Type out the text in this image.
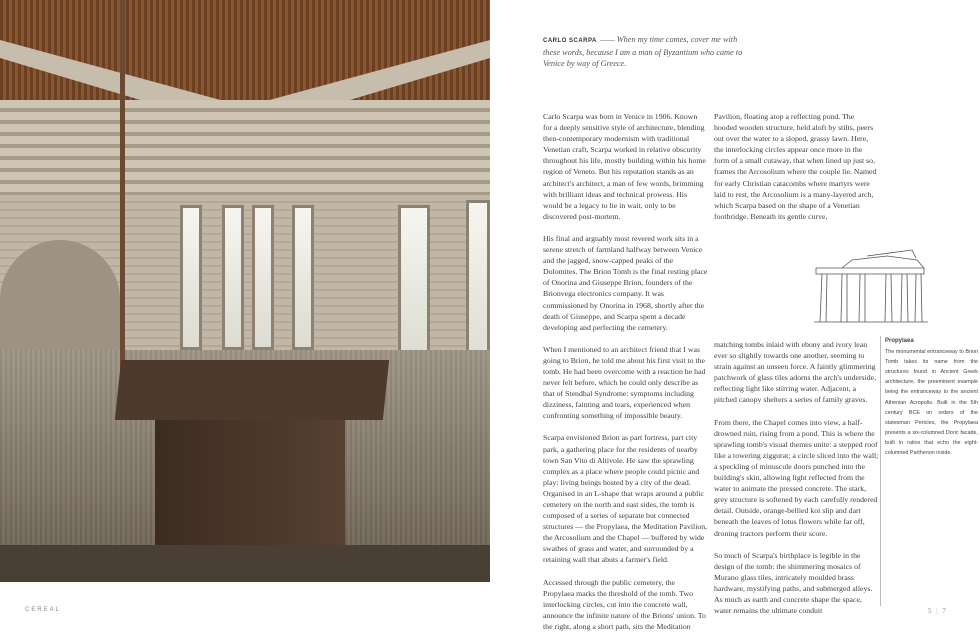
CARLO SCARPA —— When my time comes, cover me with these words, because I am a man of Byzantium who came to Venice by way of Greece.

Carlo Scarpa was born in Venice in 1906. Known for a deeply sensitive style of architecture, blending then-contemporary modernism with traditional Venetian craft, Scarpa worked in relative obscurity throughout his life, mostly building within his home region of Veneto. But his reputation stands as an architect's architect, a man of few words, brimming with brilliant ideas and technical prowess. His would be a legacy to lie in wait, only to be discovered post-mortem.

His final and arguably most revered work sits in a serene stretch of farmland halfway between Venice and the jagged, snow-capped peaks of the Dolomites. The Brion Tomb is the final resting place of Onorina and Giuseppe Brion, founders of the Brionvega electronics company. It was commissioned by Onorina in 1968, shortly after the death of Giuseppe, and Scarpa spent a decade developing and perfecting the cemetery.

When I mentioned to an architect friend that I was going to Brion, he told me about his first visit to the tomb. He had been overcome with a reaction he had never felt before, which he could only describe as that of Stendhal Syndrome: symptoms including dizziness, fainting and tears, experienced when confronting something of impossible beauty.

Scarpa envisioned Brion as part fortress, part city park, a gathering place for the residents of nearby town San Vito di Altivole. He saw the sprawling complex as a place where people could picnic and play: living beings hosted by a city of the dead. Organised in an L-shape that wraps around a public cemetery on the north and east sides, the tomb is composed of a series of separate but connected structures — the Propylaea, the Meditation Pavilion, the Arcosolium and the Chapel — buffered by wide swathes of grass and water, and surrounded by a retaining wall that abuts a farmer's field.

Accessed through the public cemetery, the Propylaea marks the threshold of the tomb. Two interlocking circles, cut into the concrete wall, announce the infinite nature of the Brions' union. To the right, along a short path, sits the Meditation

Pavilion, floating atop a reflecting pond. The hooded wooden structure, held aloft by stilts, peers out over the water to a sloped, grassy lawn. Here, the interlocking circles appear once more in the form of a small cutaway, that when lined up just so, frames the Arcosolium where the couple lie. Named for early Christian catacombs where martyrs were laid to rest, the Arcosolium is a many-layered arch, which Scarpa based on the shape of a Venetian footbridge. Beneath its gentle curve,

matching tombs inlaid with ebony and ivory lean ever so slightly towards one another, seeming to strain against an unseen force. A faintly glimmering patchwork of glass tiles adorns the arch's underside, reflecting light like stirring water. Adjacent, a pitched canopy shelters a series of family graves.

From there, the Chapel comes into view, a half-drowned ruin, rising from a pond. This is where the sprawling tomb's visual themes unite: a stepped roof like a towering ziggurat; a circle sliced into the wall; a speckling of minuscule doors punched into the building's skin, allowing light reflected from the water to animate the pressed concrete. The stark, grey structure is softened by each carefully rendered detail. Outside, orange-bellied koi slip and dart beneath the leaves of lotus flowers while far off, droning tractors perform their score.

So much of Scarpa's birthplace is legible in the design of the tomb: the shimmering mosaics of Murano glass tiles, intricately moulded brass hardware, mystifying paths, and submerged alleys. As much as earth and concrete shape the space, water remains the ultimate conduit

Propylaea
The monumental entranceway to Brion Tomb takes its name from the structures found in Ancient Greek architecture, the preeminent example being the entranceway to the ancient Athenian Acropolis. Built in the 5th century BCE on orders of the statesman Pericles, the Propylaea presents a six-columned Doric facade, built in ratios that echo the eight-columned Parthenon inside.
CEREAL	5 | 7
